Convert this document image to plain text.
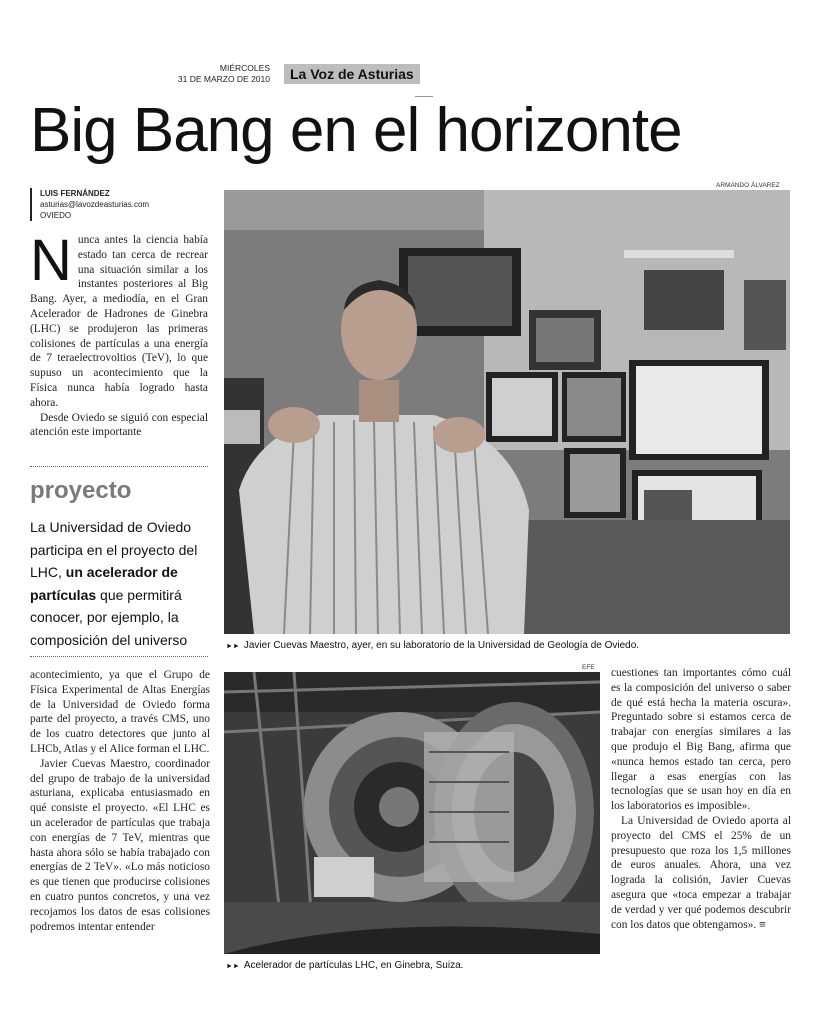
MIÉRCOLES
31 DE MARZO DE 2010	La Voz de Asturias
Big Bang en el horizonte
LUIS FERNÁNDEZ
asturias@lavozdeasturias.com
OVIEDO

Nunca antes la ciencia había estado tan cerca de recrear una situación similar a los instantes posteriores al Big Bang. Ayer, a mediodía, en el Gran Acelerador de Hadrones de Ginebra (LHC) se produjeron las primeras colisiones de partículas a una energía de 7 teraelectrovoltios (TeV), lo que supuso un acontecimiento que la Física nunca había logrado hasta ahora.

Desde Oviedo se siguió con especial atención este importante

proyecto
La Universidad de Oviedo participa en el proyecto del LHC, un acelerador de partículas que permitirá conocer, por ejemplo, la composición del universo

acontecimiento, ya que el Grupo de Física Experimental de Altas Energías de la Universidad de Oviedo forma parte del proyecto, a través CMS, uno de los cuatro detectores que junto al LHCb, Atlas y el Alice forman el LHC.

Javier Cuevas Maestro, coordinador del grupo de trabajo de la universidad asturiana, explicaba entusiasmado en qué consiste el proyecto. «El LHC es un acelerador de partículas que trabaja con energías de 7 TeV, mientras que hasta ahora sólo se había trabajado con energías de 2 TeV». «Lo más noticioso es que tienen que producirse colisiones en cuatro puntos concretos, y una vez recojamos los datos de esas colisiones podremos intentar entender

ARMANDO ÁLVAREZ
►► Javier Cuevas Maestro, ayer, en su laboratorio de la Universidad de Geología de Oviedo.
EFE
►► Acelerador de partículas LHC, en Ginebra, Suiza.

cuestiones tan importantes cómo cuál es la composición del universo o saber de qué está hecha la materia oscura». Preguntado sobre si estamos cerca de trabajar con energías similares a las que produjo el Big Bang, afirma que «nunca hemos estado tan cerca, pero llegar a esas energías con las tecnologías que se usan hoy en día en los laboratorios es imposible».

La Universidad de Oviedo aporta al proyecto del CMS el 25% de un presupuesto que roza los 1,5 millones de euros anuales. Ahora, una vez lograda la colisión, Javier Cuevas asegura que «toca empezar a trabajar de verdad y ver qué podemos descubrir con los datos que obtengamos». ≡
